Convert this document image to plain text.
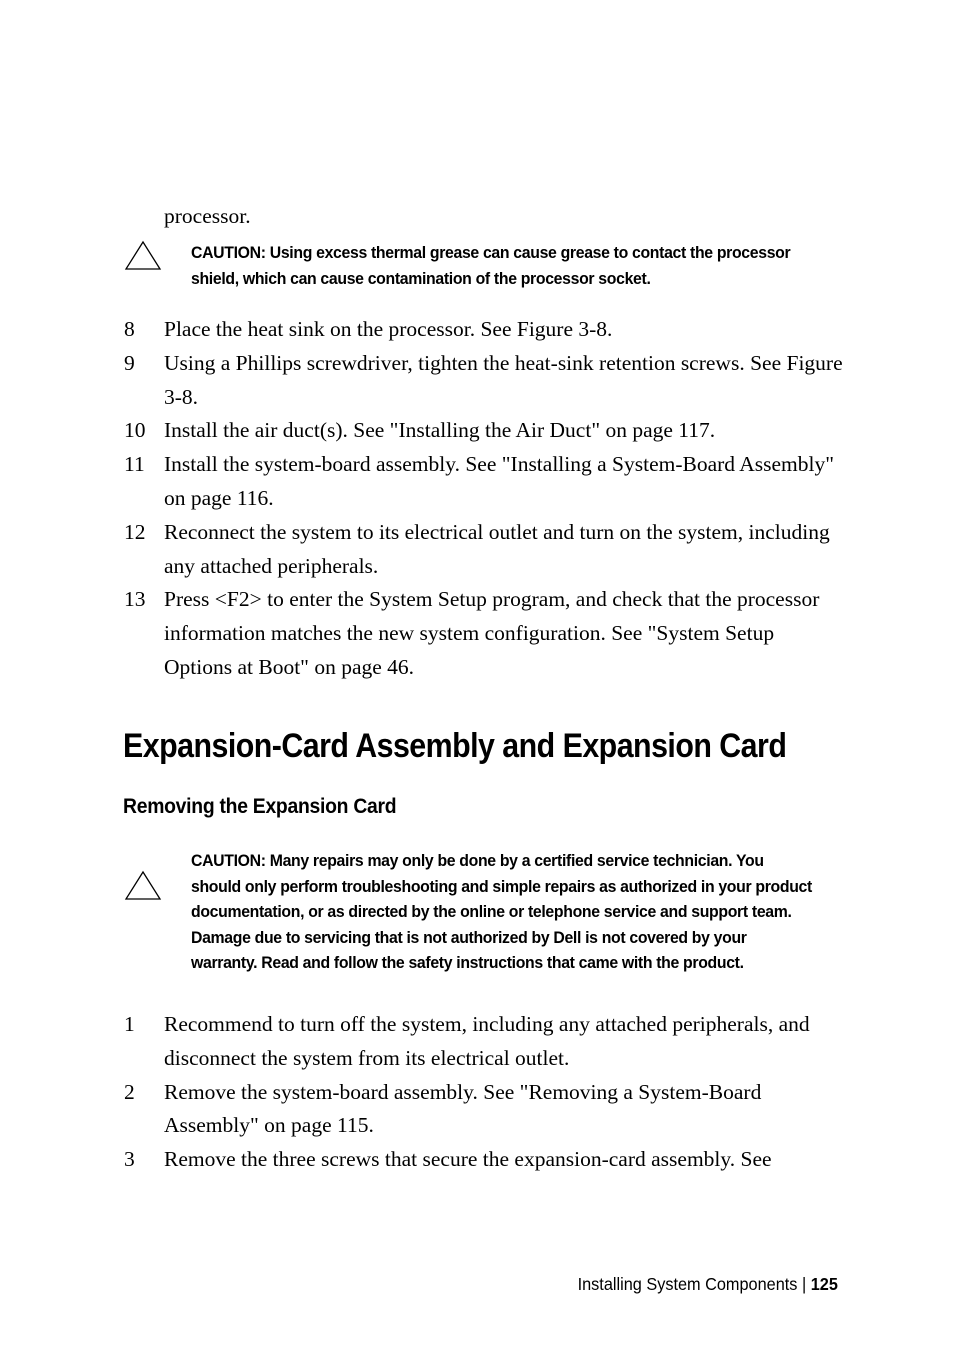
processor.
CAUTION: Using excess thermal grease can cause grease to contact the processor shield, which can cause contamination of the processor socket.
8 Place the heat sink on the processor. See Figure 3-8.
9 Using a Phillips screwdriver, tighten the heat-sink retention screws. See Figure 3-8.
10 Install the air duct(s). See "Installing the Air Duct" on page 117.
11 Install the system-board assembly. See "Installing a System-Board Assembly" on page 116.
12 Reconnect the system to its electrical outlet and turn on the system, including any attached peripherals.
13 Press <F2> to enter the System Setup program, and check that the processor information matches the new system configuration. See "System Setup Options at Boot" on page 46.
Expansion-Card Assembly and Expansion Card
Removing the Expansion Card
CAUTION: Many repairs may only be done by a certified service technician. You should only perform troubleshooting and simple repairs as authorized in your product documentation, or as directed by the online or telephone service and support team. Damage due to servicing that is not authorized by Dell is not covered by your warranty. Read and follow the safety instructions that came with the product.
1 Recommend to turn off the system, including any attached peripherals, and disconnect the system from its electrical outlet.
2 Remove the system-board assembly. See "Removing a System-Board Assembly" on page 115.
3 Remove the three screws that secure the expansion-card assembly. See
Installing System Components | 125
